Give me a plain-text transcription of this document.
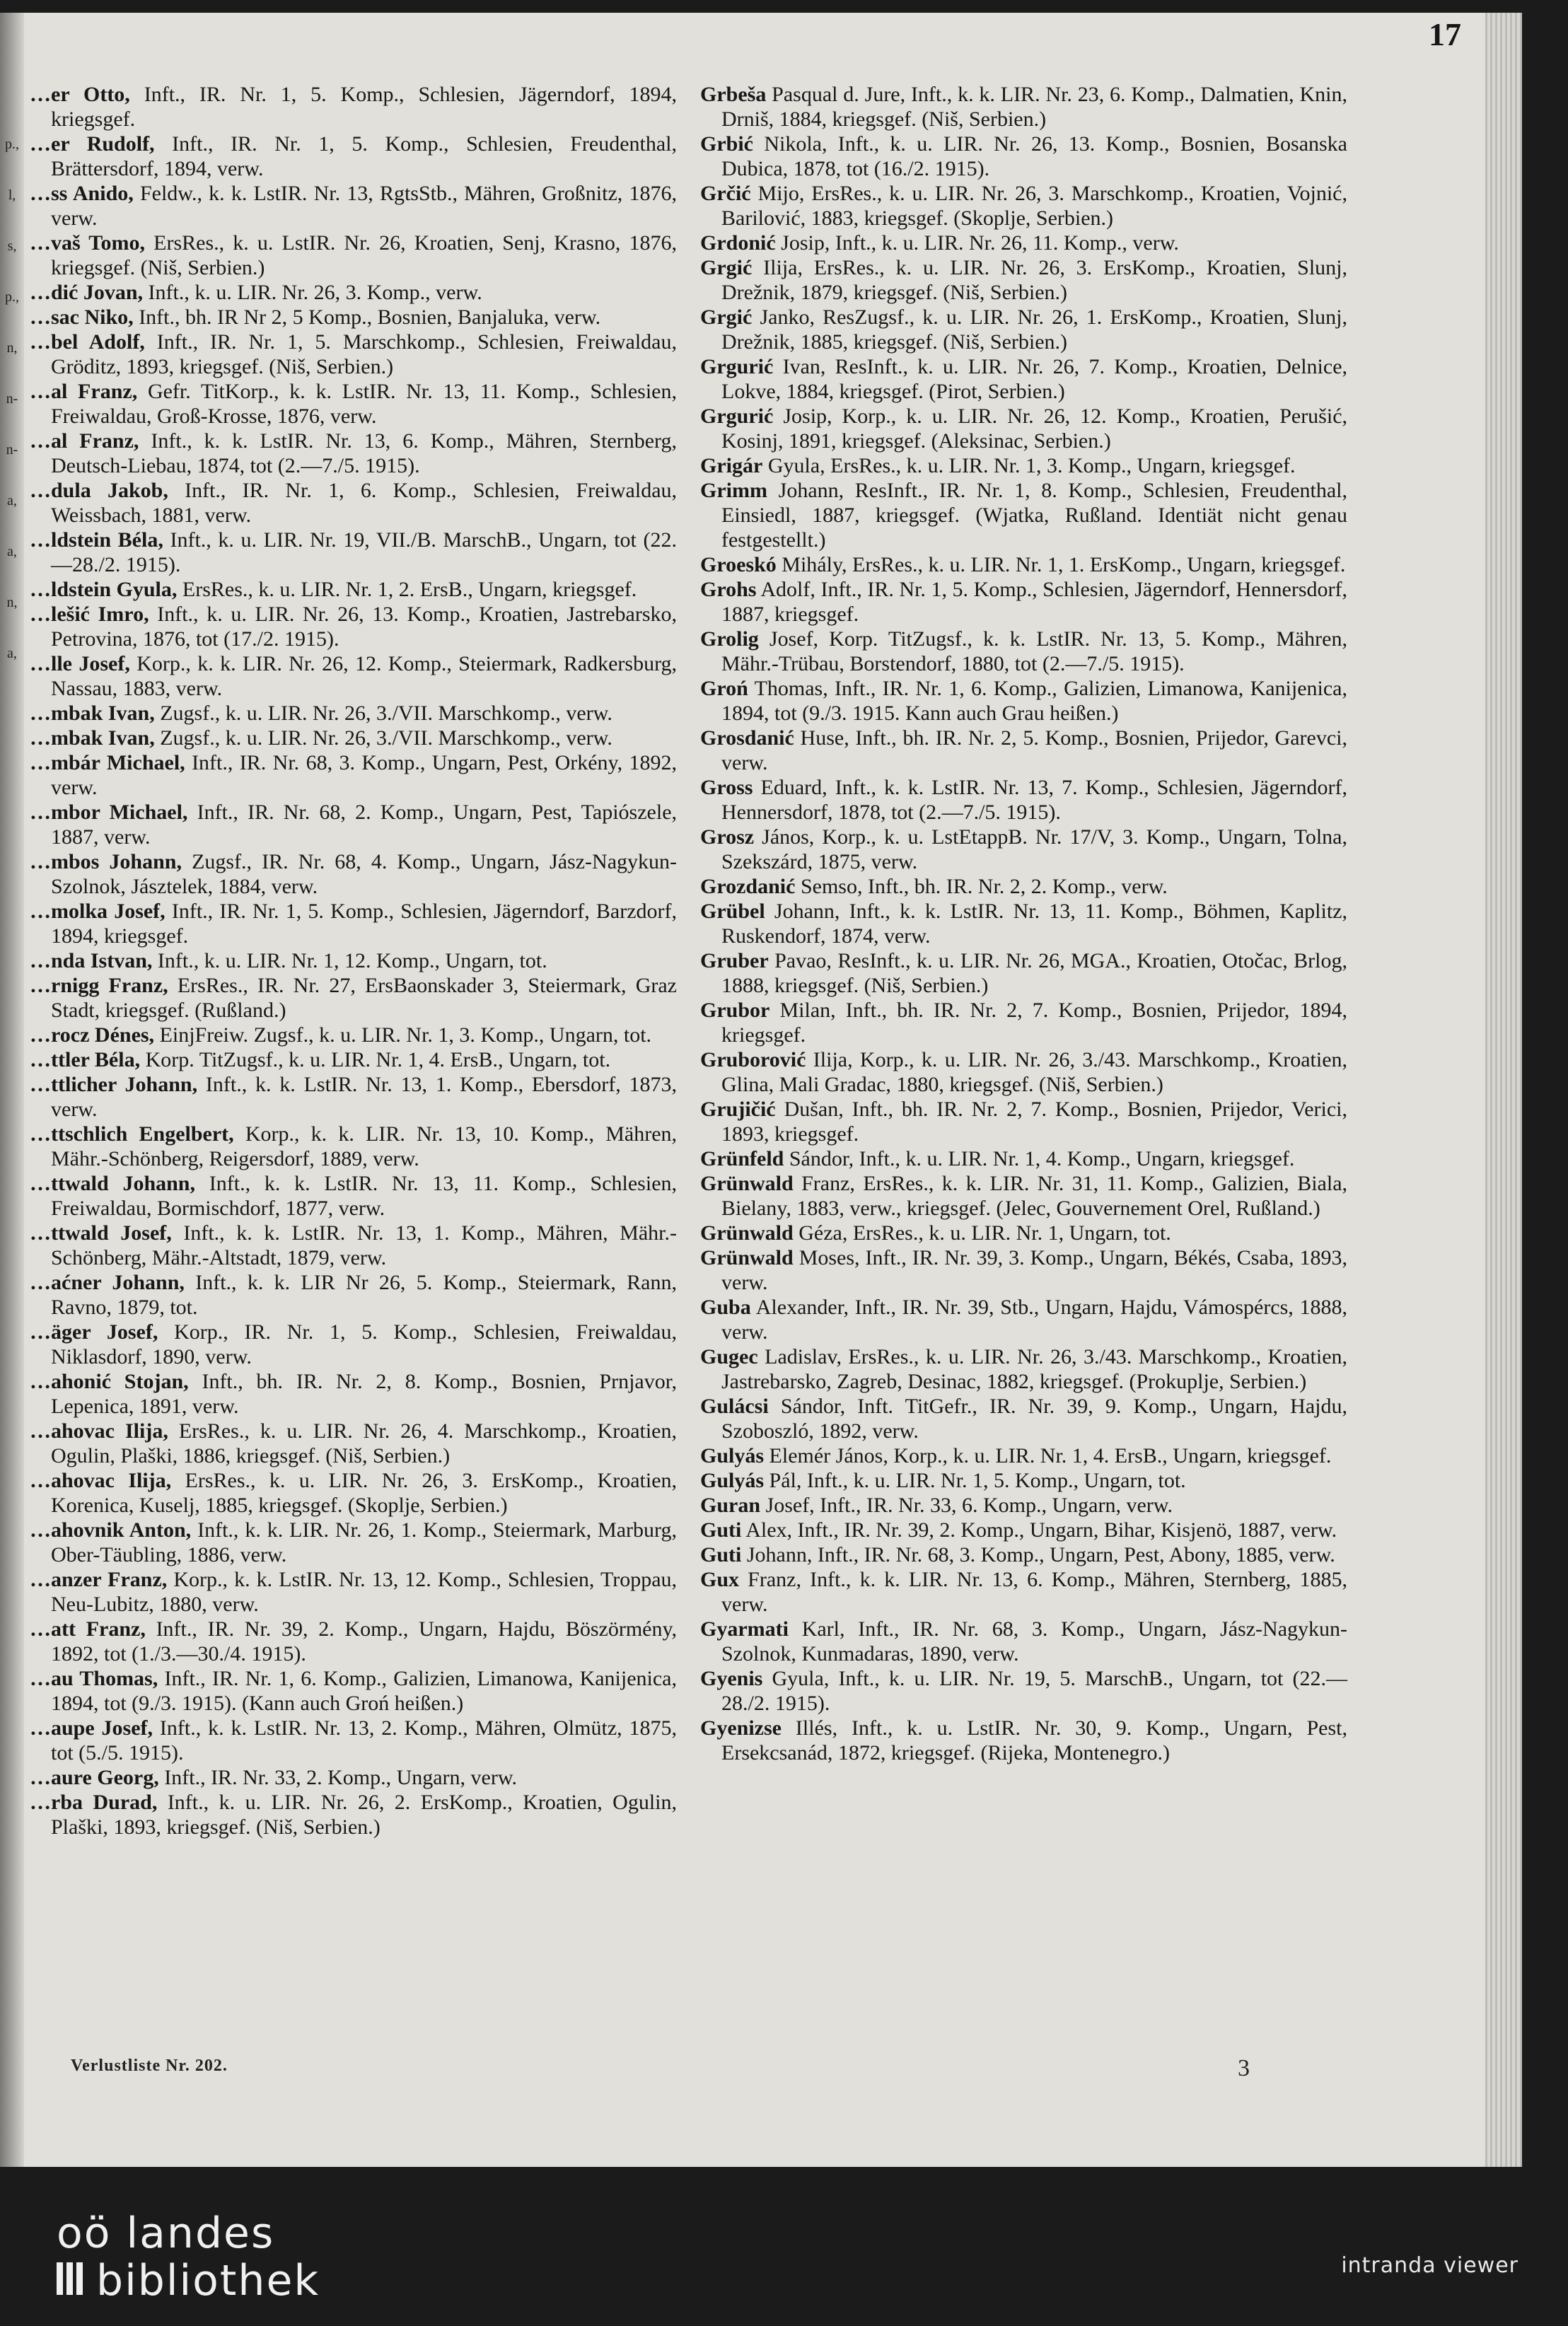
p.,
l,
s,
p.,
n,
n-
n-
a,
a,
n,
a,
17

…er Otto, Inft., IR. Nr. 1, 5. Komp., Schlesien, Jägerndorf, 1894, kriegsgef.

…er Rudolf, Inft., IR. Nr. 1, 5. Komp., Schlesien, Freudenthal, Brättersdorf, 1894, verw.

…ss Anido, Feldw., k. k. LstIR. Nr. 13, RgtsStb., Mähren, Großnitz, 1876, verw.

…vaš Tomo, ErsRes., k. u. LstIR. Nr. 26, Kroatien, Senj, Krasno, 1876, kriegsgef. (Niš, Serbien.)

…dić Jovan, Inft., k. u. LIR. Nr. 26, 3. Komp., verw.

…sac Niko, Inft., bh. IR Nr 2, 5 Komp., Bosnien, Banjaluka, verw.

…bel Adolf, Inft., IR. Nr. 1, 5. Marschkomp., Schlesien, Freiwaldau, Gröditz, 1893, kriegsgef. (Niš, Serbien.)

…al Franz, Gefr. TitKorp., k. k. LstIR. Nr. 13, 11. Komp., Schlesien, Freiwaldau, Groß-Krosse, 1876, verw.

…al Franz, Inft., k. k. LstIR. Nr. 13, 6. Komp., Mähren, Sternberg, Deutsch-Liebau, 1874, tot (2.—7./5. 1915).

…dula Jakob, Inft., IR. Nr. 1, 6. Komp., Schlesien, Freiwaldau, Weissbach, 1881, verw.

…ldstein Béla, Inft., k. u. LIR. Nr. 19, VII./B. MarschB., Ungarn, tot (22.—28./2. 1915).

…ldstein Gyula, ErsRes., k. u. LIR. Nr. 1, 2. ErsB., Ungarn, kriegsgef.

…lešić Imro, Inft., k. u. LIR. Nr. 26, 13. Komp., Kroatien, Jastrebarsko, Petrovina, 1876, tot (17./2. 1915).

…lle Josef, Korp., k. k. LIR. Nr. 26, 12. Komp., Steiermark, Radkersburg, Nassau, 1883, verw.

…mbak Ivan, Zugsf., k. u. LIR. Nr. 26, 3./VII. Marschkomp., verw.

…mbak Ivan, Zugsf., k. u. LIR. Nr. 26, 3./VII. Marschkomp., verw.

…mbár Michael, Inft., IR. Nr. 68, 3. Komp., Ungarn, Pest, Orkény, 1892, verw.

…mbor Michael, Inft., IR. Nr. 68, 2. Komp., Ungarn, Pest, Tapiószele, 1887, verw.

…mbos Johann, Zugsf., IR. Nr. 68, 4. Komp., Ungarn, Jász-Nagykun-Szolnok, Jásztelek, 1884, verw.

…molka Josef, Inft., IR. Nr. 1, 5. Komp., Schlesien, Jägerndorf, Barzdorf, 1894, kriegsgef.

…nda Istvan, Inft., k. u. LIR. Nr. 1, 12. Komp., Ungarn, tot.

…rnigg Franz, ErsRes., IR. Nr. 27, ErsBaonskader 3, Steiermark, Graz Stadt, kriegsgef. (Rußland.)

…rocz Dénes, EinjFreiw. Zugsf., k. u. LIR. Nr. 1, 3. Komp., Ungarn, tot.

…ttler Béla, Korp. TitZugsf., k. u. LIR. Nr. 1, 4. ErsB., Ungarn, tot.

…ttlicher Johann, Inft., k. k. LstIR. Nr. 13, 1. Komp., Ebersdorf, 1873, verw.

…ttschlich Engelbert, Korp., k. k. LIR. Nr. 13, 10. Komp., Mähren, Mähr.-Schönberg, Reigersdorf, 1889, verw.

…ttwald Johann, Inft., k. k. LstIR. Nr. 13, 11. Komp., Schlesien, Freiwaldau, Bormischdorf, 1877, verw.

…ttwald Josef, Inft., k. k. LstIR. Nr. 13, 1. Komp., Mähren, Mähr.-Schönberg, Mähr.-Altstadt, 1879, verw.

…aćner Johann, Inft., k. k. LIR Nr 26, 5. Komp., Steiermark, Rann, Ravno, 1879, tot.

…äger Josef, Korp., IR. Nr. 1, 5. Komp., Schlesien, Freiwaldau, Niklasdorf, 1890, verw.

…ahonić Stojan, Inft., bh. IR. Nr. 2, 8. Komp., Bosnien, Prnjavor, Lepenica, 1891, verw.

…ahovac Ilija, ErsRes., k. u. LIR. Nr. 26, 4. Marschkomp., Kroatien, Ogulin, Plaški, 1886, kriegsgef. (Niš, Serbien.)

…ahovac Ilija, ErsRes., k. u. LIR. Nr. 26, 3. ErsKomp., Kroatien, Korenica, Kuselj, 1885, kriegsgef. (Skoplje, Serbien.)

…ahovnik Anton, Inft., k. k. LIR. Nr. 26, 1. Komp., Steiermark, Marburg, Ober-Täubling, 1886, verw.

…anzer Franz, Korp., k. k. LstIR. Nr. 13, 12. Komp., Schlesien, Troppau, Neu-Lubitz, 1880, verw.

…att Franz, Inft., IR. Nr. 39, 2. Komp., Ungarn, Hajdu, Böszörmény, 1892, tot (1./3.—30./4. 1915).

…au Thomas, Inft., IR. Nr. 1, 6. Komp., Galizien, Limanowa, Kanijenica, 1894, tot (9./3. 1915). (Kann auch Groń heißen.)

…aupe Josef, Inft., k. k. LstIR. Nr. 13, 2. Komp., Mähren, Olmütz, 1875, tot (5./5. 1915).

…aure Georg, Inft., IR. Nr. 33, 2. Komp., Ungarn, verw.

…rba Durad, Inft., k. u. LIR. Nr. 26, 2. ErsKomp., Kroatien, Ogulin, Plaški, 1893, kriegsgef. (Niš, Serbien.)

Grbeša Pasqual d. Jure, Inft., k. k. LIR. Nr. 23, 6. Komp., Dalmatien, Knin, Drniš, 1884, kriegsgef. (Niš, Serbien.)

Grbić Nikola, Inft., k. u. LIR. Nr. 26, 13. Komp., Bosnien, Bosanska Dubica, 1878, tot (16./2. 1915).

Grčić Mijo, ErsRes., k. u. LIR. Nr. 26, 3. Marschkomp., Kroatien, Vojnić, Barilović, 1883, kriegsgef. (Skoplje, Serbien.)

Grdonić Josip, Inft., k. u. LIR. Nr. 26, 11. Komp., verw.

Grgić Ilija, ErsRes., k. u. LIR. Nr. 26, 3. ErsKomp., Kroatien, Slunj, Drežnik, 1879, kriegsgef. (Niš, Serbien.)

Grgić Janko, ResZugsf., k. u. LIR. Nr. 26, 1. ErsKomp., Kroatien, Slunj, Drežnik, 1885, kriegsgef. (Niš, Serbien.)

Grgurić Ivan, ResInft., k. u. LIR. Nr. 26, 7. Komp., Kroatien, Delnice, Lokve, 1884, kriegsgef. (Pirot, Serbien.)

Grgurić Josip, Korp., k. u. LIR. Nr. 26, 12. Komp., Kroatien, Perušić, Kosinj, 1891, kriegsgef. (Aleksinac, Serbien.)

Grigár Gyula, ErsRes., k. u. LIR. Nr. 1, 3. Komp., Ungarn, kriegsgef.

Grimm Johann, ResInft., IR. Nr. 1, 8. Komp., Schlesien, Freudenthal, Einsiedl, 1887, kriegsgef. (Wjatka, Rußland. Identiät nicht genau festgestellt.)

Groeskó Mihály, ErsRes., k. u. LIR. Nr. 1, 1. ErsKomp., Ungarn, kriegsgef.

Grohs Adolf, Inft., IR. Nr. 1, 5. Komp., Schlesien, Jägerndorf, Hennersdorf, 1887, kriegsgef.

Grolig Josef, Korp. TitZugsf., k. k. LstIR. Nr. 13, 5. Komp., Mähren, Mähr.-Trübau, Borstendorf, 1880, tot (2.—7./5. 1915).

Groń Thomas, Inft., IR. Nr. 1, 6. Komp., Galizien, Limanowa, Kanijenica, 1894, tot (9./3. 1915. Kann auch Grau heißen.)

Grosdanić Huse, Inft., bh. IR. Nr. 2, 5. Komp., Bosnien, Prijedor, Garevci, verw.

Gross Eduard, Inft., k. k. LstIR. Nr. 13, 7. Komp., Schlesien, Jägerndorf, Hennersdorf, 1878, tot (2.—7./5. 1915).

Grosz János, Korp., k. u. LstEtappB. Nr. 17/V, 3. Komp., Ungarn, Tolna, Szekszárd, 1875, verw.

Grozdanić Semso, Inft., bh. IR. Nr. 2, 2. Komp., verw.

Grübel Johann, Inft., k. k. LstIR. Nr. 13, 11. Komp., Böhmen, Kaplitz, Ruskendorf, 1874, verw.

Gruber Pavao, ResInft., k. u. LIR. Nr. 26, MGA., Kroatien, Otočac, Brlog, 1888, kriegsgef. (Niš, Serbien.)

Grubor Milan, Inft., bh. IR. Nr. 2, 7. Komp., Bosnien, Prijedor, 1894, kriegsgef.

Gruborović Ilija, Korp., k. u. LIR. Nr. 26, 3./43. Marschkomp., Kroatien, Glina, Mali Gradac, 1880, kriegsgef. (Niš, Serbien.)

Grujičić Dušan, Inft., bh. IR. Nr. 2, 7. Komp., Bosnien, Prijedor, Verici, 1893, kriegsgef.

Grünfeld Sándor, Inft., k. u. LIR. Nr. 1, 4. Komp., Ungarn, kriegsgef.

Grünwald Franz, ErsRes., k. k. LIR. Nr. 31, 11. Komp., Galizien, Biala, Bielany, 1883, verw., kriegsgef. (Jelec, Gouvernement Orel, Rußland.)

Grünwald Géza, ErsRes., k. u. LIR. Nr. 1, Ungarn, tot.

Grünwald Moses, Inft., IR. Nr. 39, 3. Komp., Ungarn, Békés, Csaba, 1893, verw.

Guba Alexander, Inft., IR. Nr. 39, Stb., Ungarn, Hajdu, Vámospércs, 1888, verw.

Gugec Ladislav, ErsRes., k. u. LIR. Nr. 26, 3./43. Marschkomp., Kroatien, Jastrebarsko, Zagreb, Desinac, 1882, kriegsgef. (Prokuplje, Serbien.)

Gulácsi Sándor, Inft. TitGefr., IR. Nr. 39, 9. Komp., Ungarn, Hajdu, Szoboszló, 1892, verw.

Gulyás Elemér János, Korp., k. u. LIR. Nr. 1, 4. ErsB., Ungarn, kriegsgef.

Gulyás Pál, Inft., k. u. LIR. Nr. 1, 5. Komp., Ungarn, tot.

Guran Josef, Inft., IR. Nr. 33, 6. Komp., Ungarn, verw.

Guti Alex, Inft., IR. Nr. 39, 2. Komp., Ungarn, Bihar, Kisjenö, 1887, verw.

Guti Johann, Inft., IR. Nr. 68, 3. Komp., Ungarn, Pest, Abony, 1885, verw.

Gux Franz, Inft., k. k. LIR. Nr. 13, 6. Komp., Mähren, Sternberg, 1885, verw.

Gyarmati Karl, Inft., IR. Nr. 68, 3. Komp., Ungarn, Jász-Nagykun-Szolnok, Kunmadaras, 1890, verw.

Gyenis Gyula, Inft., k. u. LIR. Nr. 19, 5. MarschB., Ungarn, tot (22.—28./2. 1915).

Gyenizse Illés, Inft., k. u. LstIR. Nr. 30, 9. Komp., Ungarn, Pest, Ersekcsanád, 1872, kriegsgef. (Rijeka, Montenegro.)

Verlustliste Nr. 202.	3
oö landes
bibliothek	intranda viewer
